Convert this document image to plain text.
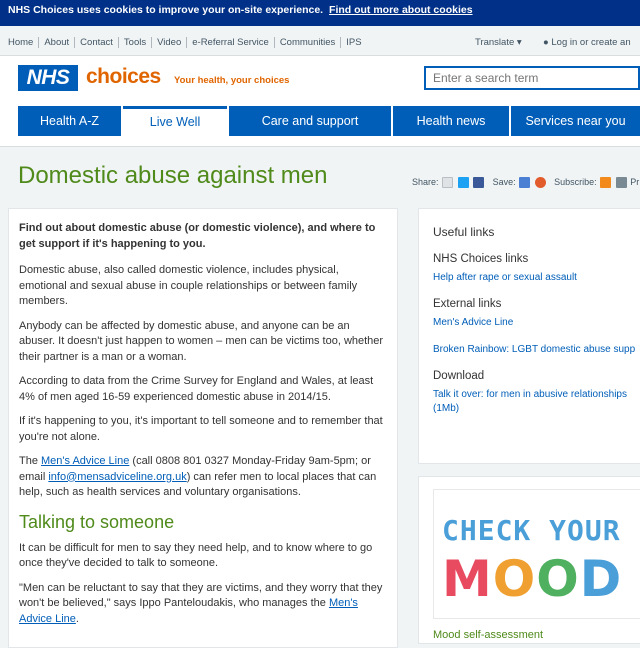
NHS Choices uses cookies to improve your on-site experience. Find out more about cookies
Home About Contact Tools Video e-Referral Service Communities IPS	Translate ▾ ● Log in or create an
NHS choices Your health, your choices	Enter a search term
Health A-Z	Live Well	Care and support	Health news	Services near you
Domestic abuse against men	Share:	Save:	Subscribe:	Pr

Find out about domestic abuse (or domestic violence), and where to get support if it's happening to you.

Domestic abuse, also called domestic violence, includes physical, emotional and sexual abuse in couple relationships or between family members.

Anybody can be affected by domestic abuse, and anyone can be an abuser. It doesn't just happen to women – men can be victims too, whether their partner is a man or a woman.

According to data from the Crime Survey for England and Wales, at least 4% of men aged 16-59 experienced domestic abuse in 2014/15.

If it's happening to you, it's important to tell someone and to remember that you're not alone.

The Men's Advice Line (call 0808 801 0327 Monday-Friday 9am-5pm; or email info@mensadviceline.org.uk) can refer men to local places that can help, such as health services and voluntary organisations.

Talking to someone

It can be difficult for men to say they need help, and to know where to go once they've decided to talk to someone.

"Men can be reluctant to say that they are victims, and they worry that they won't be believed," says Ippo Panteloudakis, who manages the Men's Advice Line.

Useful links
NHS Choices links
Help after rape or sexual assault
External links
Men's Advice Line
Broken Rainbow: LGBT domestic abuse supp
Download
Talk it over: for men in abusive relationships (1Mb)
CHECK YOUR
MOOD
Mood self-assessment
